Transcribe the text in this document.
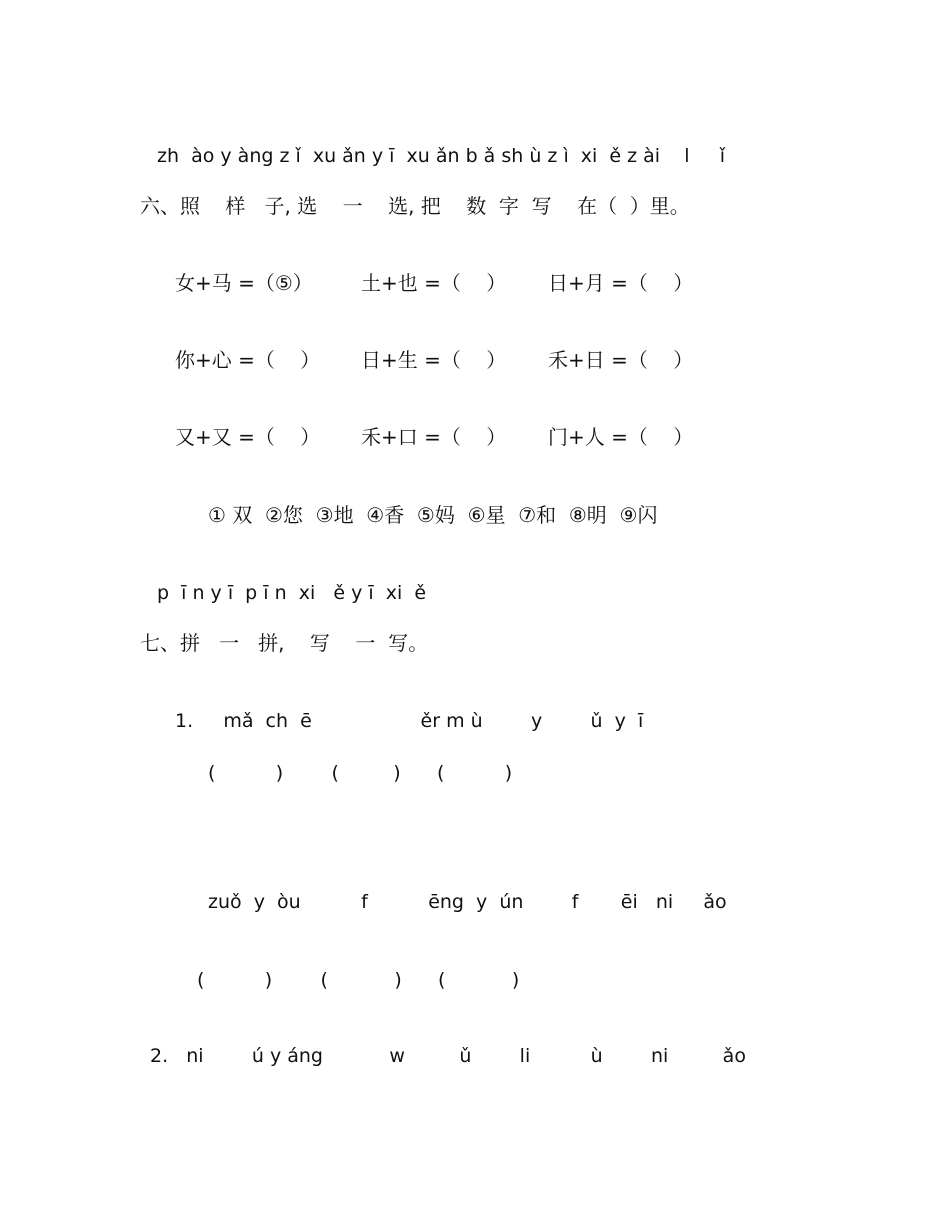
zh  ào y àng z ǐ  xu ǎn y ī  xu ǎn b ǎ sh ù z ì  xi  ě z ài    l     ǐ
六、照    样   子, 选    一    选, 把    数  字  写    在（  ）里。
女+马 =（⑤） 土+也 =（    ） 日+月 =（    ）
你+心 =（    ） 日+生 =（    ） 禾+日 =（    ）
又+又 =（    ） 禾+口 =（    ） 门+人 =（    ）
① 双  ②您  ③地  ④香  ⑤妈  ⑥星  ⑦和  ⑧明  ⑨闪
p  ī n y ī  p ī n  xi   ě y ī  xi  ě
七、拼   一   拼,    写    一  写。
1.     mǎ  ch  ē                  ěr m ù        y        ǔ  y  ī
(          )        (         )      (          )
zuǒ  y  òu          f          ēng  y  ún        f       ēi   ni     ǎo
(          )        (           )      (           )
2.   ni        ú y áng           w         ǔ        li          ù        ni         ǎo
